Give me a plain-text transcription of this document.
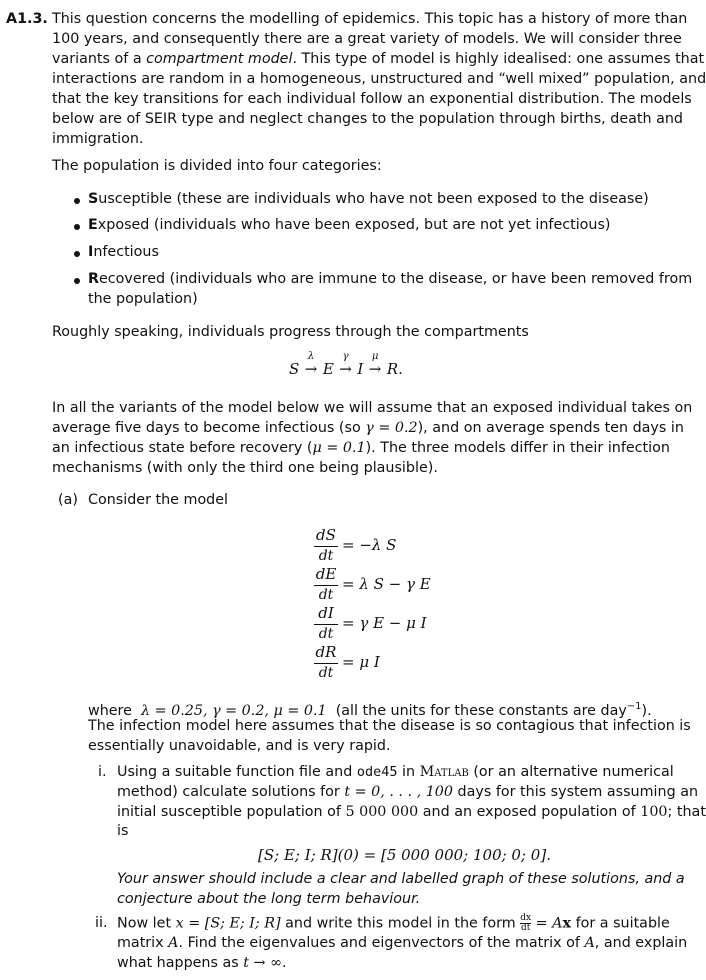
A1.3. This question concerns the modelling of epidemics. This topic has a history of more than
100 years, and consequently there are a great variety of models. We will consider three
variants of a compartment model. This type of model is highly idealised: one assumes that
interactions are random in a homogeneous, unstructured and “well mixed” population, and
that the key transitions for each individual follow an exponential distribution. The models
below are of SEIR type and neglect changes to the population through births, death and
immigration.
The population is divided into four categories:
Susceptible (these are individuals who have not been exposed to the disease)
Exposed (individuals who have been exposed, but are not yet infectious)
Infectious
Recovered (individuals who are immune to the disease, or have been removed from
the population)
Roughly speaking, individuals progress through the compartments
S
λ
→ E
γ
→ I
μ
→ R.
In all the variants of the model below we will assume that an exposed individual takes on
average five days to become infectious (so γ = 0.2), and on average spends ten days in
an infectious state before recovery (μ = 0.1). The three models differ in their infection
mechanisms (with only the third one being plausible).
(a) Consider the model
dS
dt
= −λ S
dE
dt
= λ S − γ E
dI
dt
= γ E − μ I
dR
dt
= μ I
where λ = 0.25, γ = 0.2, μ = 0.1 (all the units for these constants are day$^{-1}$).
The infection model here assumes that the disease is so contagious that infection is
essentially unavoidable, and is very rapid.
i. Using a suitable function file and ode45 in Matlab (or an alternative numerical
method) calculate solutions for t = 0, . . . , 100 days for this system assuming an
initial susceptible population of 5 000 000 and an exposed population of 100; that
is
[S; E; I; R](0) = [5 000 000; 100; 0; 0].
Your answer should include a clear and labelled graph of these solutions, and a
conjecture about the long term behaviour.
ii. Now let x = [S; E; I; R] and write this model in the form $\frac{dx}{dt} = Ax$ for a suitable
matrix A. Find the eigenvalues and eigenvectors of the matrix of A, and explain
what happens as t → ∞.
